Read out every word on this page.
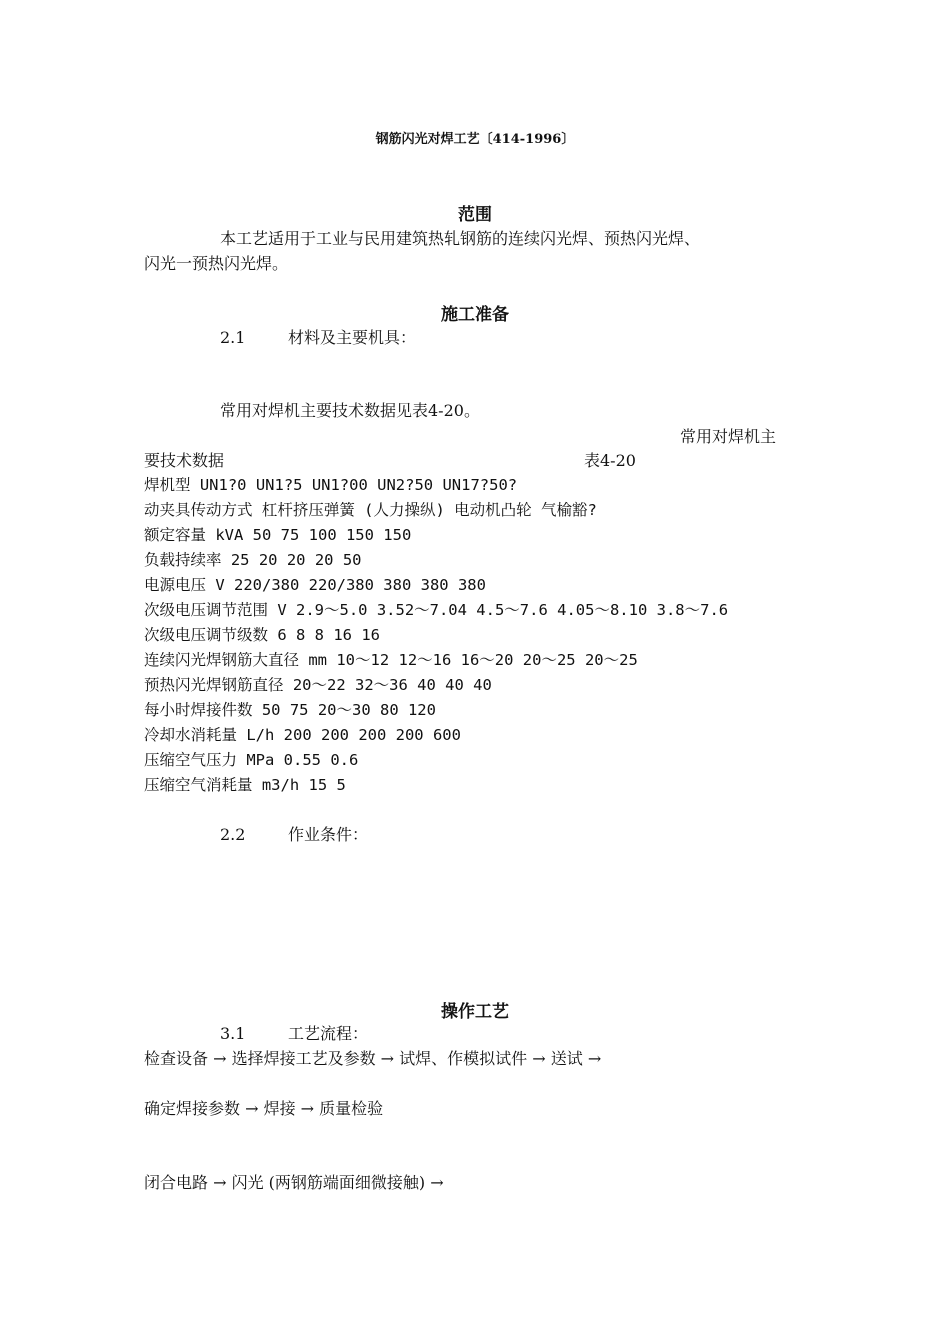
钢筋闪光对焊工艺〔414-1996〕
范围
本工艺适用于工业与民用建筑热轧钢筋的连续闪光焊、预热闪光焊、
闪光一预热闪光焊。
施工准备
2.1	材料及主要机具：
常用对焊机主要技术数据见表4-20。
常用对焊机主
要技术数据	表4-20
焊机型 UN1?0 UN1?5 UN1?00 UN2?50 UN17?50?
动夹具传动方式 杠杆挤压弹簧 (人力操纵) 电动机凸轮 气榆豁?
额定容量 kVA 50 75 100 150 150
负载持续率 25 20 20 20 50
电源电压 V 220/380 220/380 380 380 380
次级电压调节范围 V 2.9～5.0 3.52～7.04 4.5～7.6 4.05～8.10 3.8～7.6
次级电压调节级数 6 8 8 16 16
连续闪光焊钢筋大直径 mm 10～12 12～16 16～20 20～25 20～25
预热闪光焊钢筋直径 20～22 32～36 40 40 40
每小时焊接件数 50 75 20～30 80 120
冷却水消耗量 L/h 200 200 200 200 600
压缩空气压力 MPa 0.55 0.6
压缩空气消耗量 m3/h 15 5
2.2	作业条件：
操作工艺
3.1	工艺流程：
检查设备 → 选择焊接工艺及参数 → 试焊、作模拟试件 → 送试 →
确定焊接参数 → 焊接 → 质量检验
闭合电路 → 闪光 (两钢筋端面细微接触) →
